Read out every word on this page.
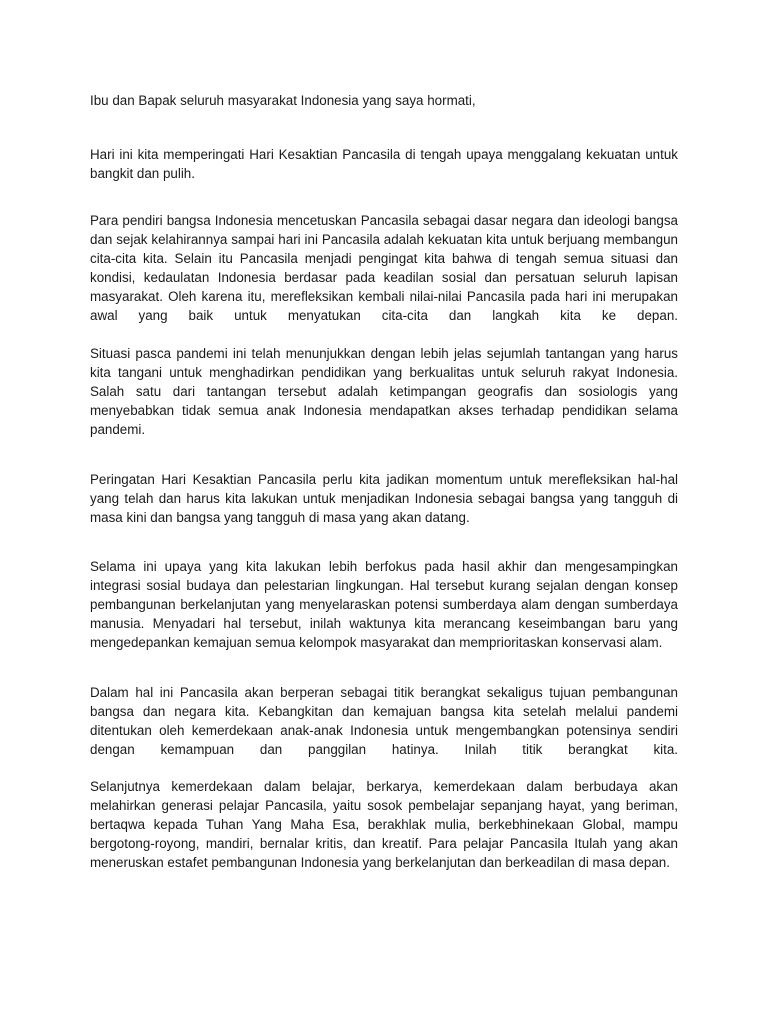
Ibu dan Bapak seluruh masyarakat Indonesia yang saya hormati,

Hari ini kita memperingati Hari Kesaktian Pancasila di tengah upaya menggalang kekuatan untuk bangkit dan pulih.

Para pendiri bangsa Indonesia mencetuskan Pancasila sebagai dasar negara dan ideologi bangsa dan sejak kelahirannya sampai hari ini Pancasila adalah kekuatan kita untuk berjuang membangun cita-cita kita. Selain itu Pancasila menjadi pengingat kita bahwa di tengah semua situasi dan kondisi, kedaulatan Indonesia berdasar pada keadilan sosial dan persatuan seluruh lapisan masyarakat. Oleh karena itu, merefleksikan kembali nilai-nilai Pancasila pada hari ini merupakan awal yang baik untuk menyatukan cita-cita dan langkah kita ke depan.

Situasi pasca pandemi ini telah menunjukkan dengan lebih jelas sejumlah tantangan yang harus kita tangani untuk menghadirkan pendidikan yang berkualitas untuk seluruh rakyat Indonesia. Salah satu dari tantangan tersebut adalah ketimpangan geografis dan sosiologis yang menyebabkan tidak semua anak Indonesia mendapatkan akses terhadap pendidikan selama pandemi.

Peringatan Hari Kesaktian Pancasila perlu kita jadikan momentum untuk merefleksikan hal-hal yang telah dan harus kita lakukan untuk menjadikan Indonesia sebagai bangsa yang tangguh di masa kini dan bangsa yang tangguh di masa yang akan datang.

Selama ini upaya yang kita lakukan lebih berfokus pada hasil akhir dan mengesampingkan integrasi sosial budaya dan pelestarian lingkungan. Hal tersebut kurang sejalan dengan konsep pembangunan berkelanjutan yang menyelaraskan potensi sumberdaya alam dengan sumberdaya manusia. Menyadari hal tersebut, inilah waktunya kita merancang keseimbangan baru yang mengedepankan kemajuan semua kelompok masyarakat dan memprioritaskan konservasi alam.

Dalam hal ini Pancasila akan berperan sebagai titik berangkat sekaligus tujuan pembangunan bangsa dan negara kita. Kebangkitan dan kemajuan bangsa kita setelah melalui pandemi ditentukan oleh kemerdekaan anak-anak Indonesia untuk mengembangkan potensinya sendiri dengan kemampuan dan panggilan hatinya. Inilah titik berangkat kita.

Selanjutnya kemerdekaan dalam belajar, berkarya, kemerdekaan dalam berbudaya akan melahirkan generasi pelajar Pancasila, yaitu sosok pembelajar sepanjang hayat, yang beriman, bertaqwa kepada Tuhan Yang Maha Esa, berakhlak mulia, berkebhinekaan Global, mampu bergotong-royong, mandiri, bernalar kritis, dan kreatif. Para pelajar Pancasila Itulah yang akan meneruskan estafet pembangunan Indonesia yang berkelanjutan dan berkeadilan di masa depan.
